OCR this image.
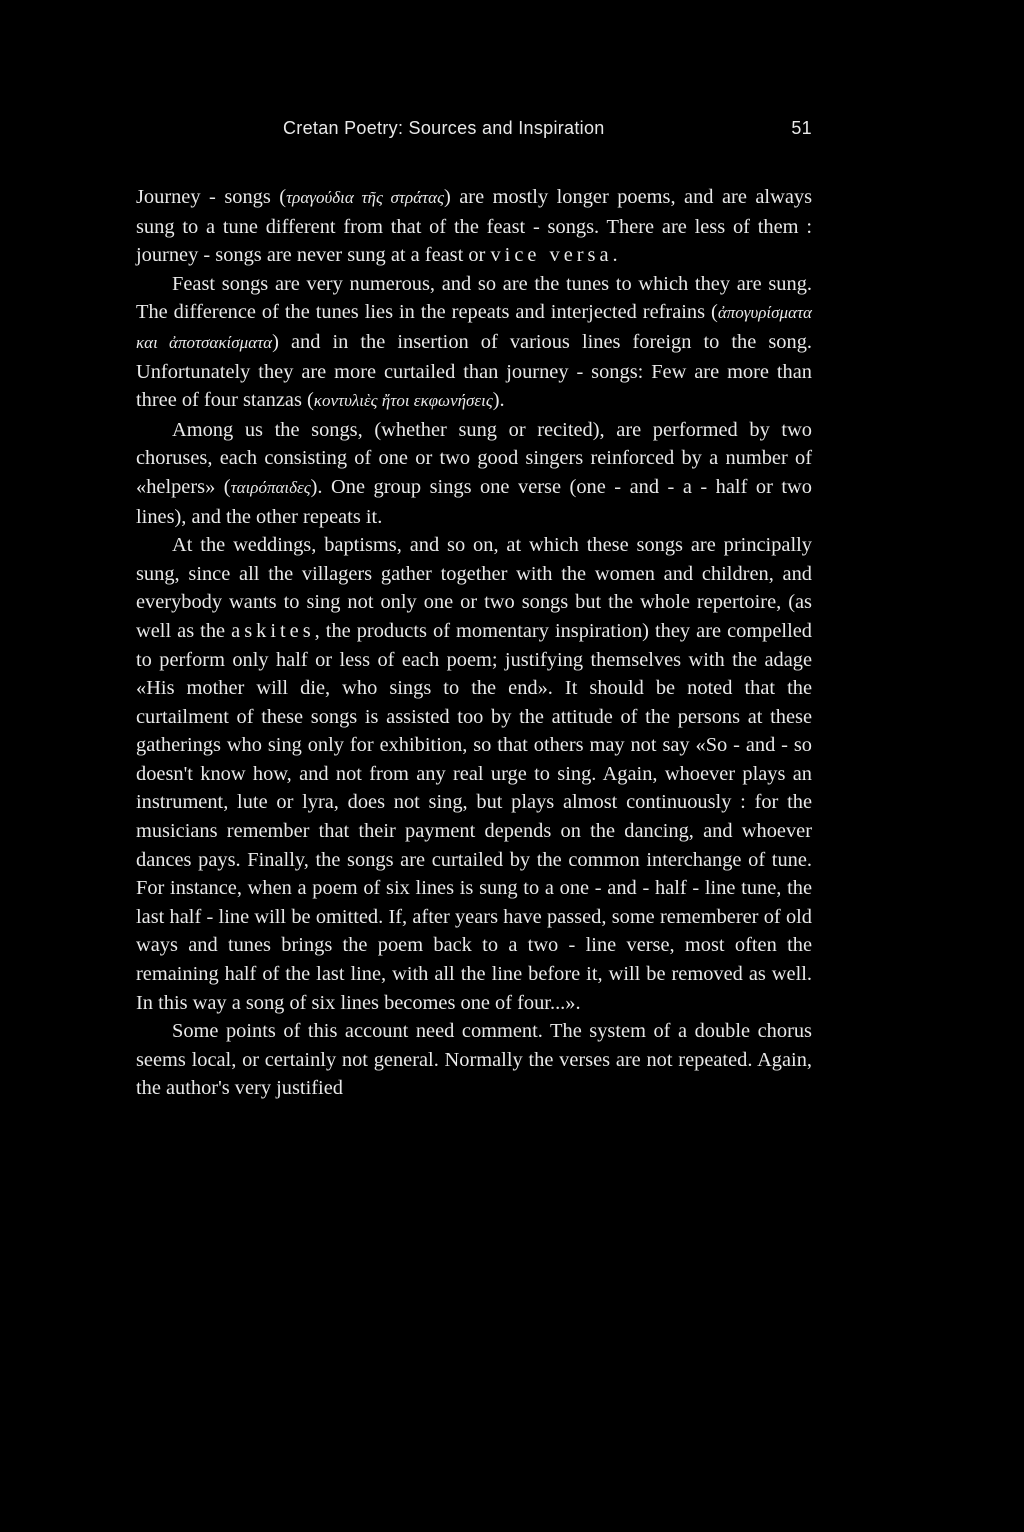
Cretan Poetry: Sources and Inspiration	51

Journey - songs (τραγούδια τῆς στράτας) are mostly longer poems, and are always sung to a tune different from that of the feast - songs. There are less of them : journey - songs are never sung at a feast or vice versa.

Feast songs are very numerous, and so are the tunes to which they are sung. The difference of the tunes lies in the repeats and interjected refrains (ἀπογυρίσματα και ἀποτσακίσματα) and in the insertion of various lines foreign to the song. Unfortunately they are more curtailed than journey - songs: Few are more than three of four stanzas (κοντυλιὲς ἤτοι εκφωνήσεις).

Among us the songs, (whether sung or recited), are performed by two choruses, each consisting of one or two good singers reinforced by a number of «helpers» (ταιρόπαιδες). One group sings one verse (one - and - a - half or two lines), and the other repeats it.

At the weddings, baptisms, and so on, at which these songs are principally sung, since all the villagers gather together with the women and children, and everybody wants to sing not only one or two songs but the whole repertoire, (as well as the askites, the products of momentary inspiration) they are compelled to perform only half or less of each poem; justifying themselves with the adage «His mother will die, who sings to the end». It should be noted that the curtailment of these songs is assisted too by the attitude of the persons at these gatherings who sing only for exhibition, so that others may not say «So - and - so doesn't know how, and not from any real urge to sing. Again, whoever plays an instrument, lute or lyra, does not sing, but plays almost continuously : for the musicians remember that their payment depends on the dancing, and whoever dances pays. Finally, the songs are curtailed by the common interchange of tune. For instance, when a poem of six lines is sung to a one - and - half - line tune, the last half - line will be omitted. If, after years have passed, some rememberer of old ways and tunes brings the poem back to a two - line verse, most often the remaining half of the last line, with all the line before it, will be removed as well. In this way a song of six lines becomes one of four...».

Some points of this account need comment. The system of a double chorus seems local, or certainly not general. Normally the verses are not repeated. Again, the author's very justified
